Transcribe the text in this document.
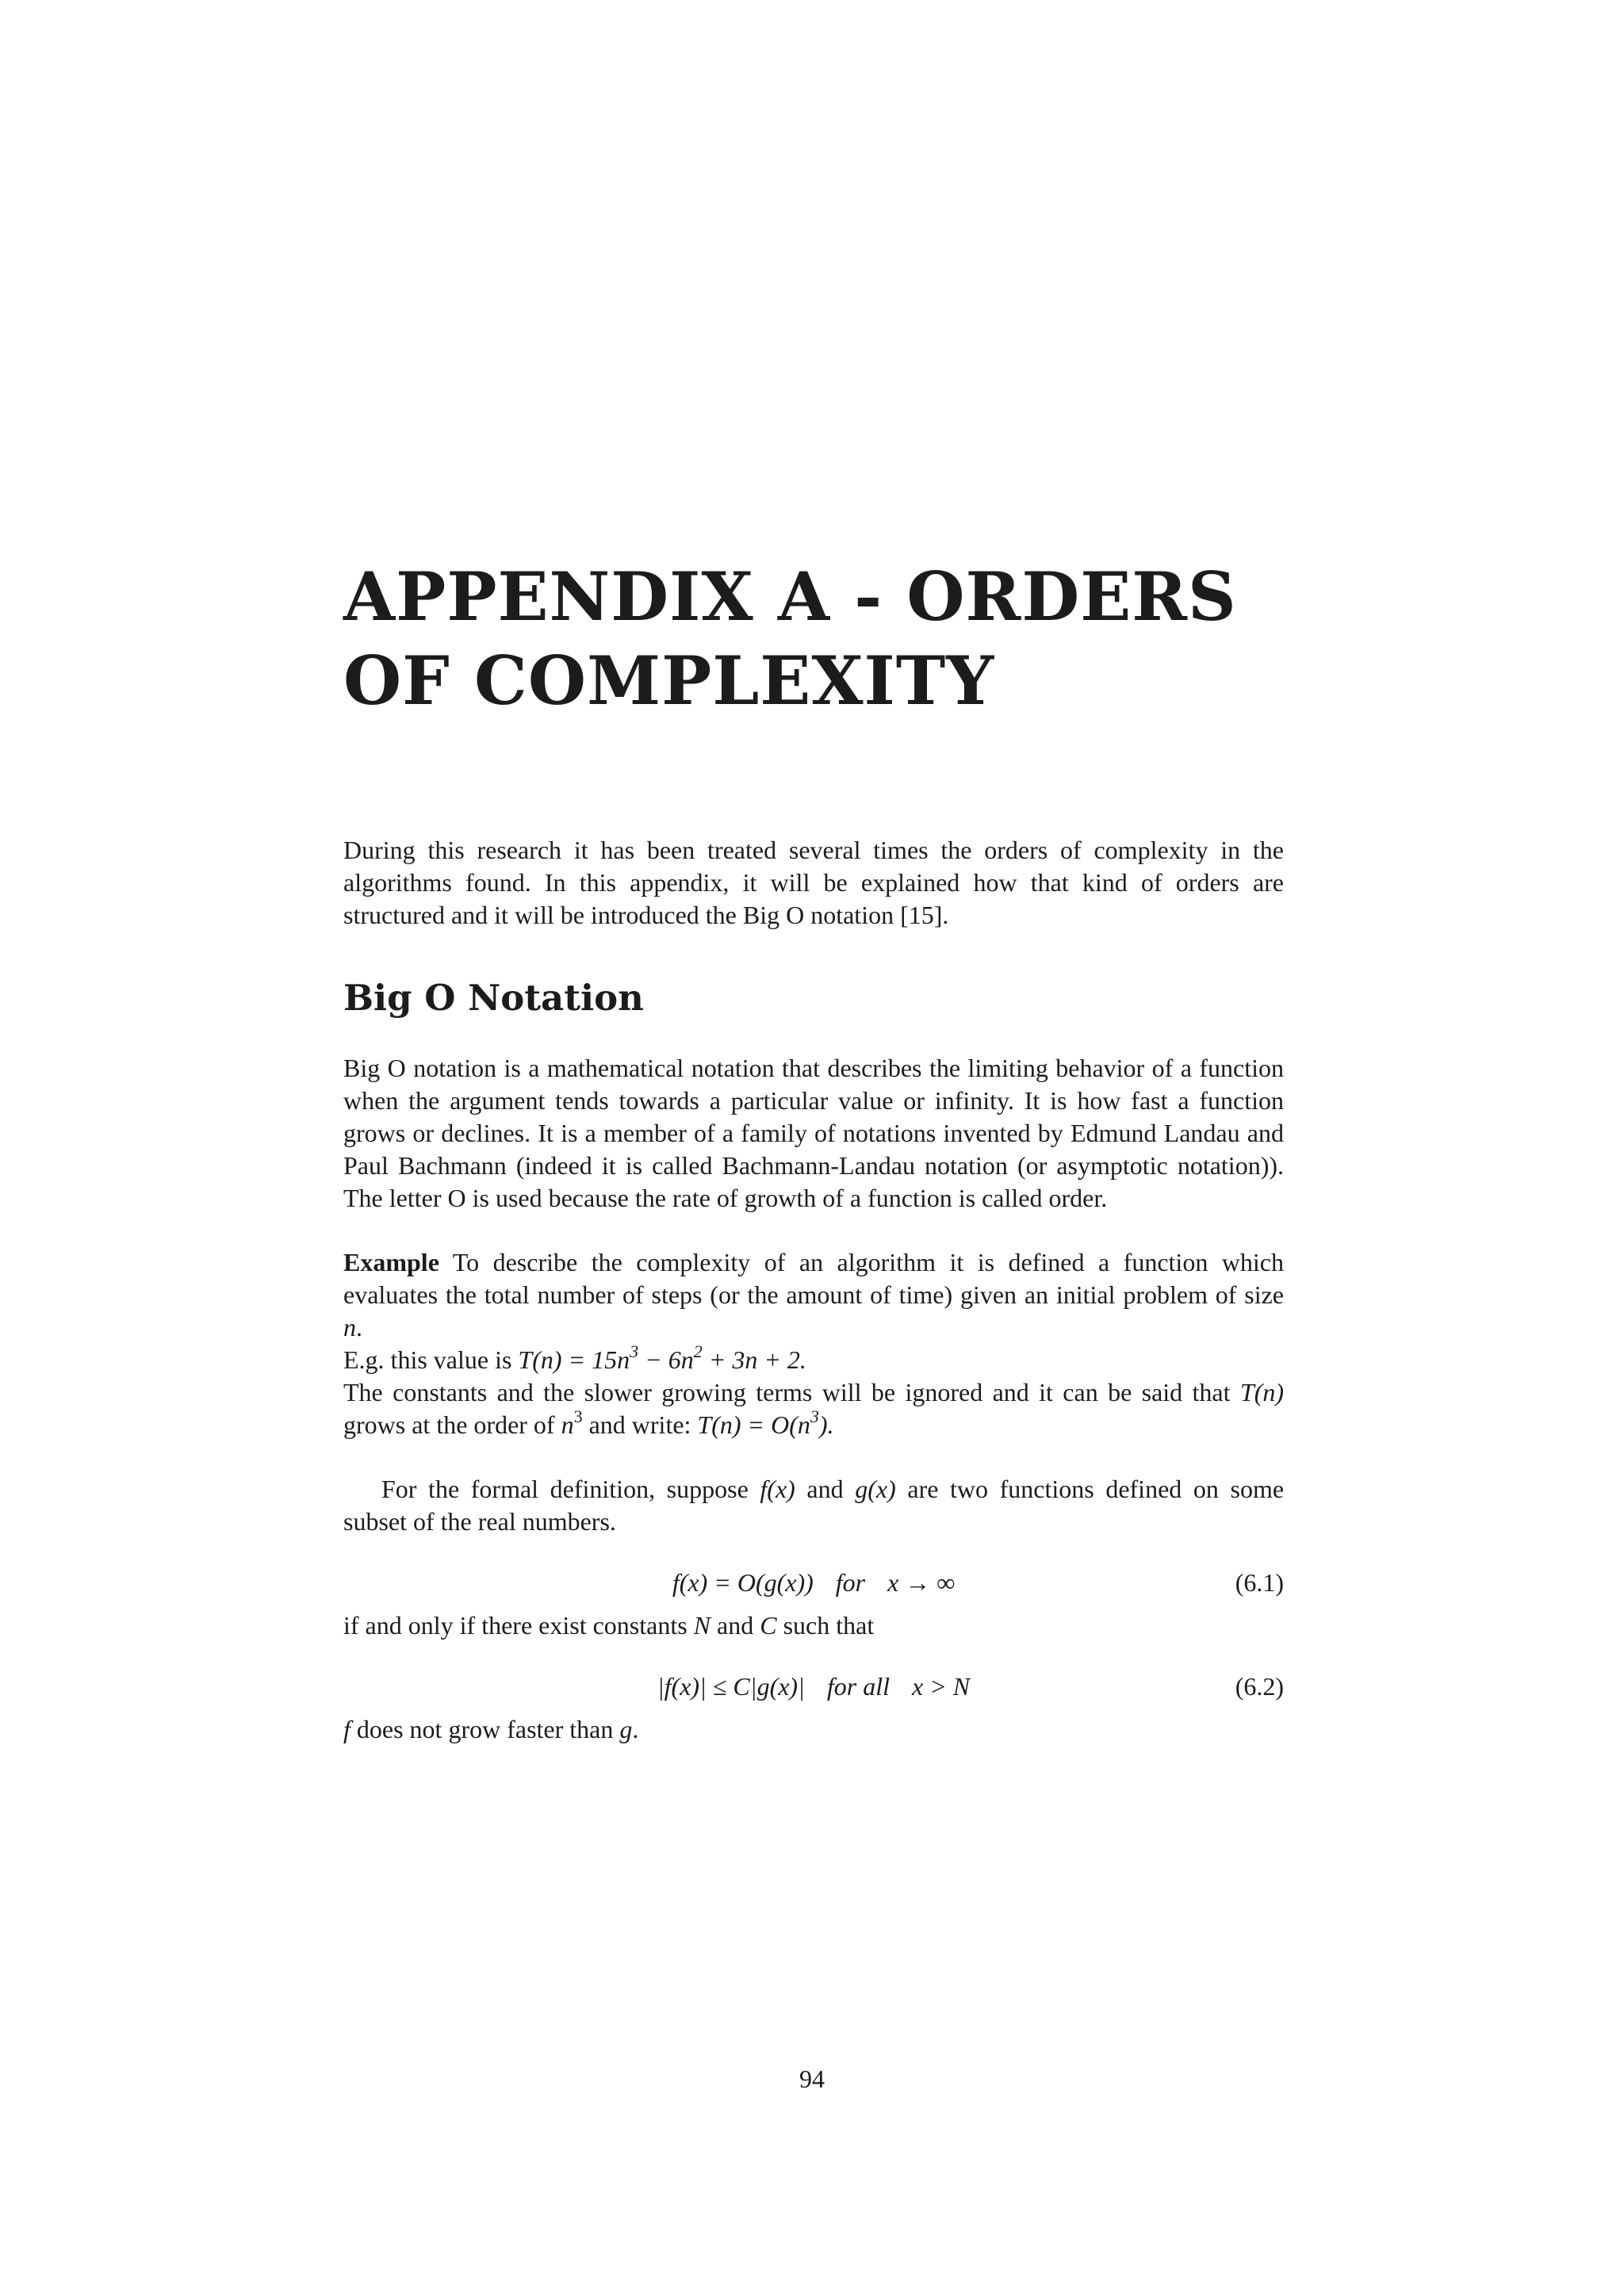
APPENDIX A - ORDERS
OF COMPLEXITY

During this research it has been treated several times the orders of complexity in the algorithms found. In this appendix, it will be explained how that kind of orders are structured and it will be introduced the Big O notation [15].

Big O Notation

Big O notation is a mathematical notation that describes the limiting behavior of a function when the argument tends towards a particular value or infinity. It is how fast a function grows or declines. It is a member of a family of notations invented by Edmund Landau and Paul Bachmann (indeed it is called Bachmann-Landau notation (or asymptotic notation)). The letter O is used because the rate of growth of a function is called order.

Example To describe the complexity of an algorithm it is defined a function which evaluates the total number of steps (or the amount of time) given an initial problem of size n.
E.g. this value is $T(n) = 15n^3 - 6n^2 + 3n + 2$.
The constants and the slower growing terms will be ignored and it can be said that T(n) grows at the order of $n^3$ and write: $T(n) = O(n^3)$.

For the formal definition, suppose f(x) and g(x) are two functions defined on some subset of the real numbers.

f(x) = O(g(x)) for x → ∞	(6.1)

if and only if there exist constants N and C such that

|f(x)| ≤ C|g(x)| for all x > N	(6.2)

f does not grow faster than g.

94
